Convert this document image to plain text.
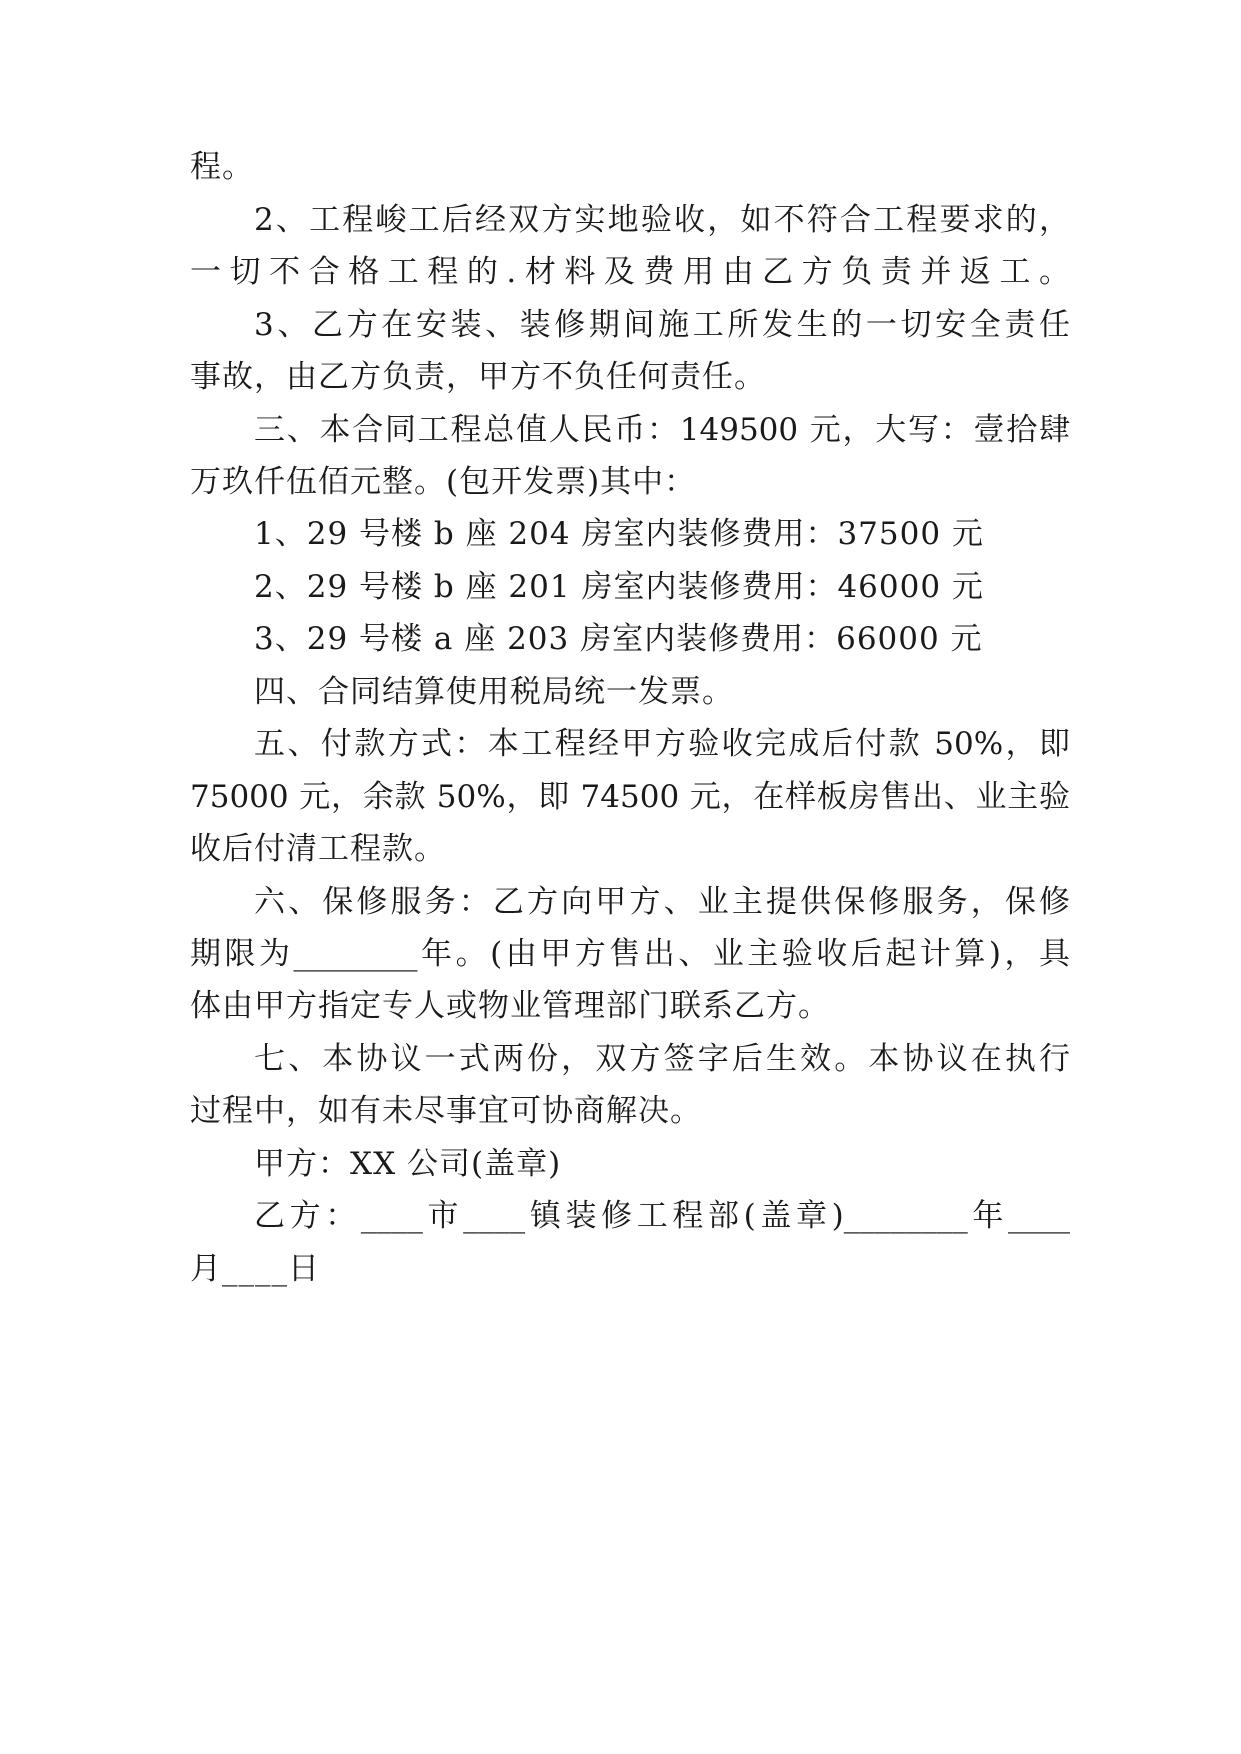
程。

2、工程峻工后经双方实地验收，如不符合工程要求的，

一切不合格工程的.材料及费用由乙方负责并返工。

3、乙方在安装、装修期间施工所发生的一切安全责任

事故，由乙方负责，甲方不负任何责任。

三、本合同工程总值人民币：149500 元，大写：壹拾肆

万玖仟伍佰元整。(包开发票)其中：

1、29 号楼 b 座 204 房室内装修费用：37500 元

2、29 号楼 b 座 201 房室内装修费用：46000 元

3、29 号楼 a 座 203 房室内装修费用：66000 元

四、合同结算使用税局统一发票。

五、付款方式：本工程经甲方验收完成后付款 50%，即

75000 元，余款 50%，即 74500 元，在样板房售出、业主验

收后付清工程款。

六、保修服务：乙方向甲方、业主提供保修服务，保修

期限为________年。(由甲方售出、业主验收后起计算)，具

体由甲方指定专人或物业管理部门联系乙方。

七、本协议一式两份，双方签字后生效。本协议在执行

过程中，如有未尽事宜可协商解决。

甲方：XX 公司(盖章)

乙方：____市____镇装修工程部(盖章)________年____

月____日
